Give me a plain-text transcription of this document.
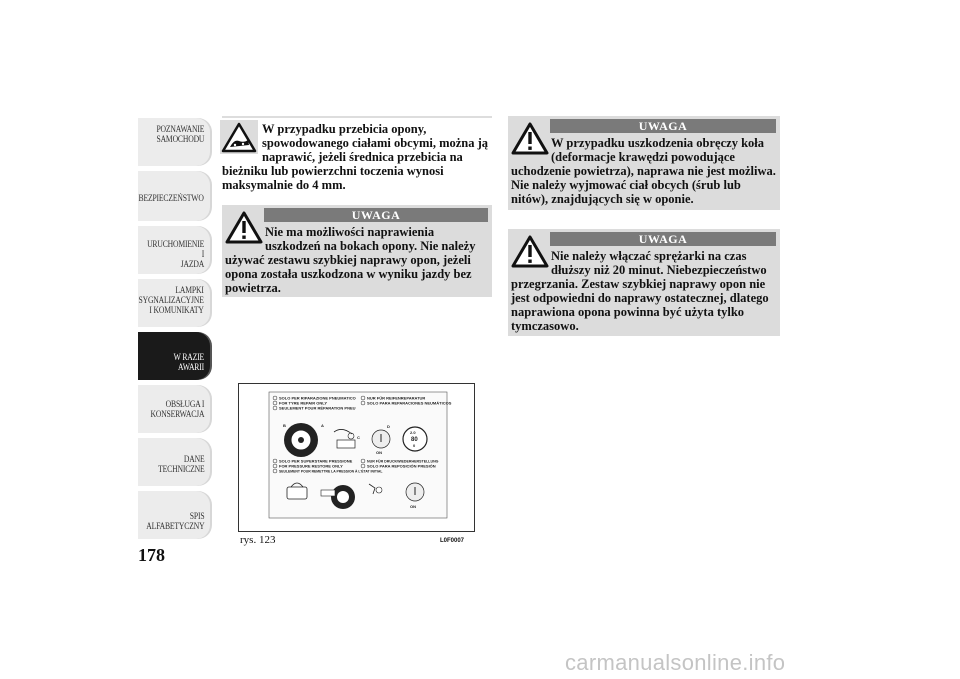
POZNAWANIE
SAMOCHODU
BEZPIECZEŃSTWO
URUCHOMIENIE I
JAZDA
LAMPKI
SYGNALIZACYJNE
I KOMUNIKATY
W RAZIE AWARII
OBSŁUGA I
KONSERWACJA
DANE
TECHNICZNE
SPIS
ALFABETYCZNY
178
W przypadku przebicia opony, spowodowanego ciałami obcymi, można ją naprawić, jeżeli średnica przebicia na bieżniku lub powierzchni toczenia wynosi maksymalnie do 4 mm.
UWAGA
Nie ma możliwości naprawienia uszkodzeń na bokach opony. Nie należy używać zestawu szybkiej naprawy opon, jeżeli opona została uszkodzona w wyniku jazdy bez powietrza.
SOLO PER RIPARAZIONE PNEUMATICO
FOR TYRE REPAIR ONLY
SEULEMENT POUR RÉPARATION PNEU
NUR FÜR REIFENREPARATUR
SOLO PARA REPARACIONES NEUMÁTICOS
B	A
C
ON
D
2.0
80
0
SOLO PER SUPERSTARE PRESSIONE
FOR PRESSURE RESTORE ONLY
SEULEMENT POUR REMETTRE LA PRESSION À L'ÉTAT INITIAL
NUR FÜR DRUCKWIEDERHERSTELLUNG
SOLO PARA REPOSICIÓN PRESIÓN
ON
rys. 123	L0F0007
UWAGA
W przypadku uszkodzenia obręczy koła (deformacje krawędzi powodujące uchodzenie powietrza), naprawa nie jest możliwa. Nie należy wyjmować ciał obcych (śrub lub nitów), znajdujących się w oponie.
UWAGA
Nie należy włączać sprężarki na czas dłuższy niż 20 minut. Niebezpieczeństwo przegrzania. Zestaw szybkiej naprawy opon nie jest odpowiedni do naprawy ostatecznej, dlatego naprawiona opona powinna być użyta tylko tymczasowo.
carmanualsonline.info
